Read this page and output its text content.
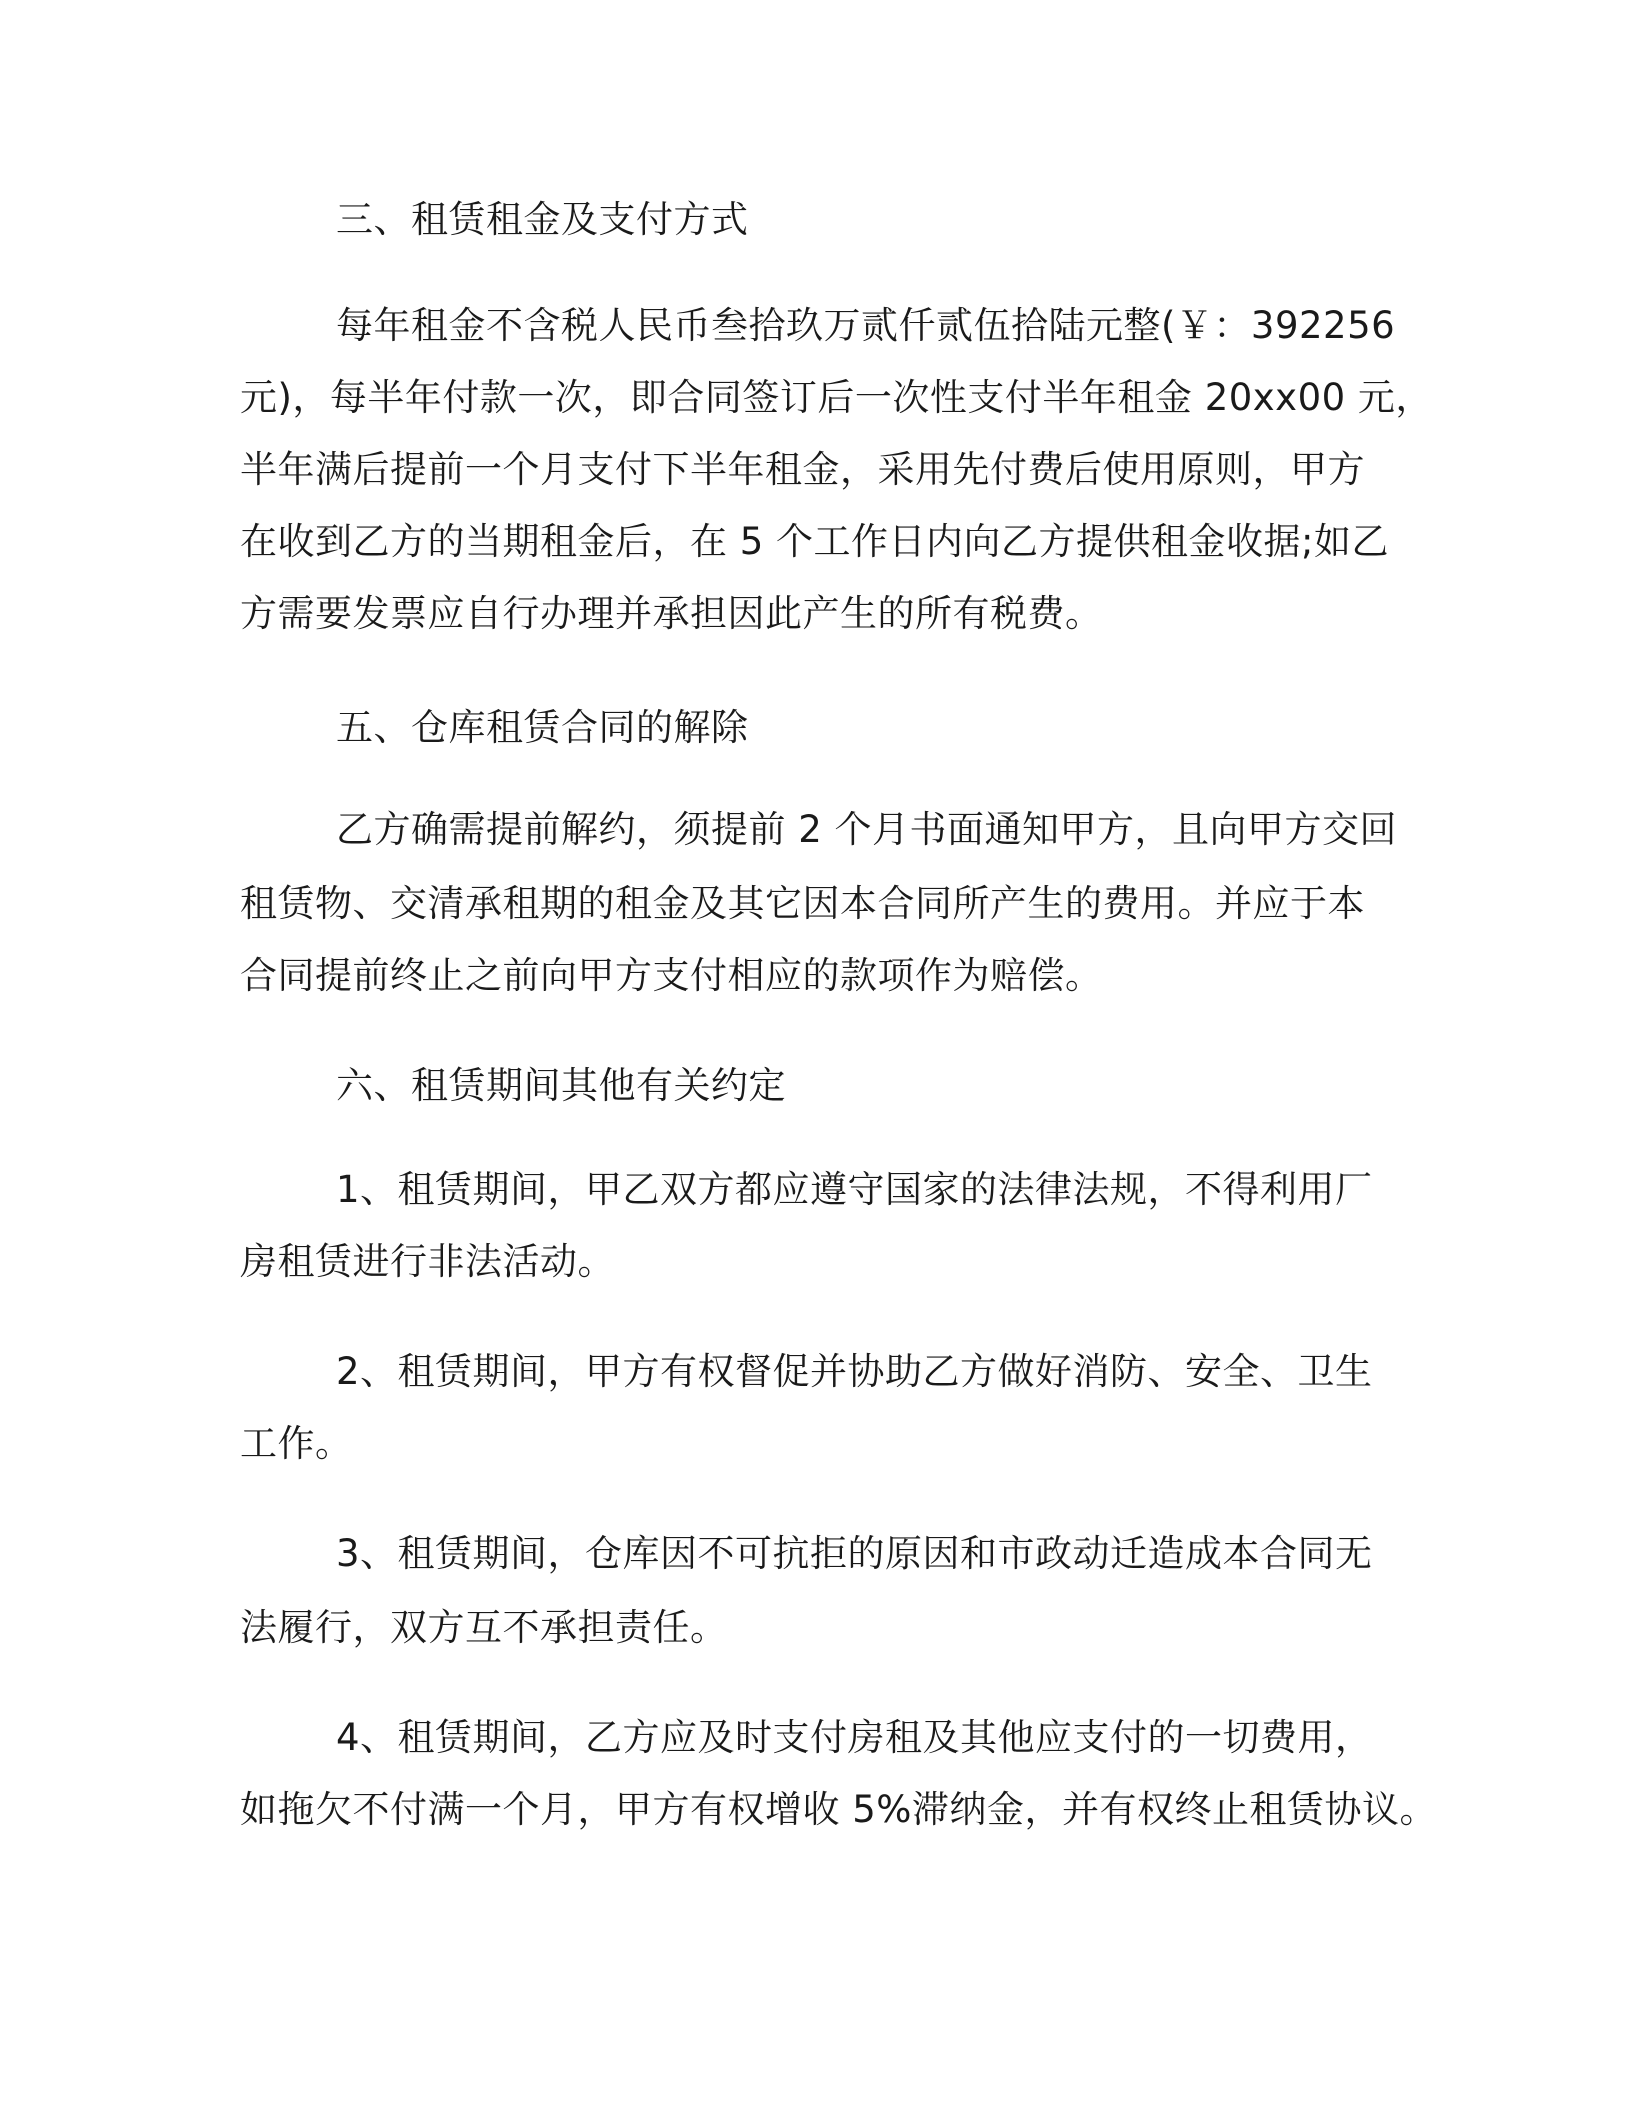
三、租赁租金及支付方式
每年租金不含税人民币叁拾玖万贰仟贰伍拾陆元整(￥：392256
元)，每半年付款一次，即合同签订后一次性支付半年租金 20xx00 元，
半年满后提前一个月支付下半年租金，采用先付费后使用原则，甲方
在收到乙方的当期租金后，在 5 个工作日内向乙方提供租金收据;如乙
方需要发票应自行办理并承担因此产生的所有税费。
五、仓库租赁合同的解除
乙方确需提前解约，须提前 2 个月书面通知甲方，且向甲方交回
租赁物、交清承租期的租金及其它因本合同所产生的费用。并应于本
合同提前终止之前向甲方支付相应的款项作为赔偿。
六、租赁期间其他有关约定
1、租赁期间，甲乙双方都应遵守国家的法律法规，不得利用厂
房租赁进行非法活动。
2、租赁期间，甲方有权督促并协助乙方做好消防、安全、卫生
工作。
3、租赁期间，仓库因不可抗拒的原因和市政动迁造成本合同无
法履行，双方互不承担责任。
4、租赁期间，乙方应及时支付房租及其他应支付的一切费用，
如拖欠不付满一个月，甲方有权增收 5%滞纳金，并有权终止租赁协议。
